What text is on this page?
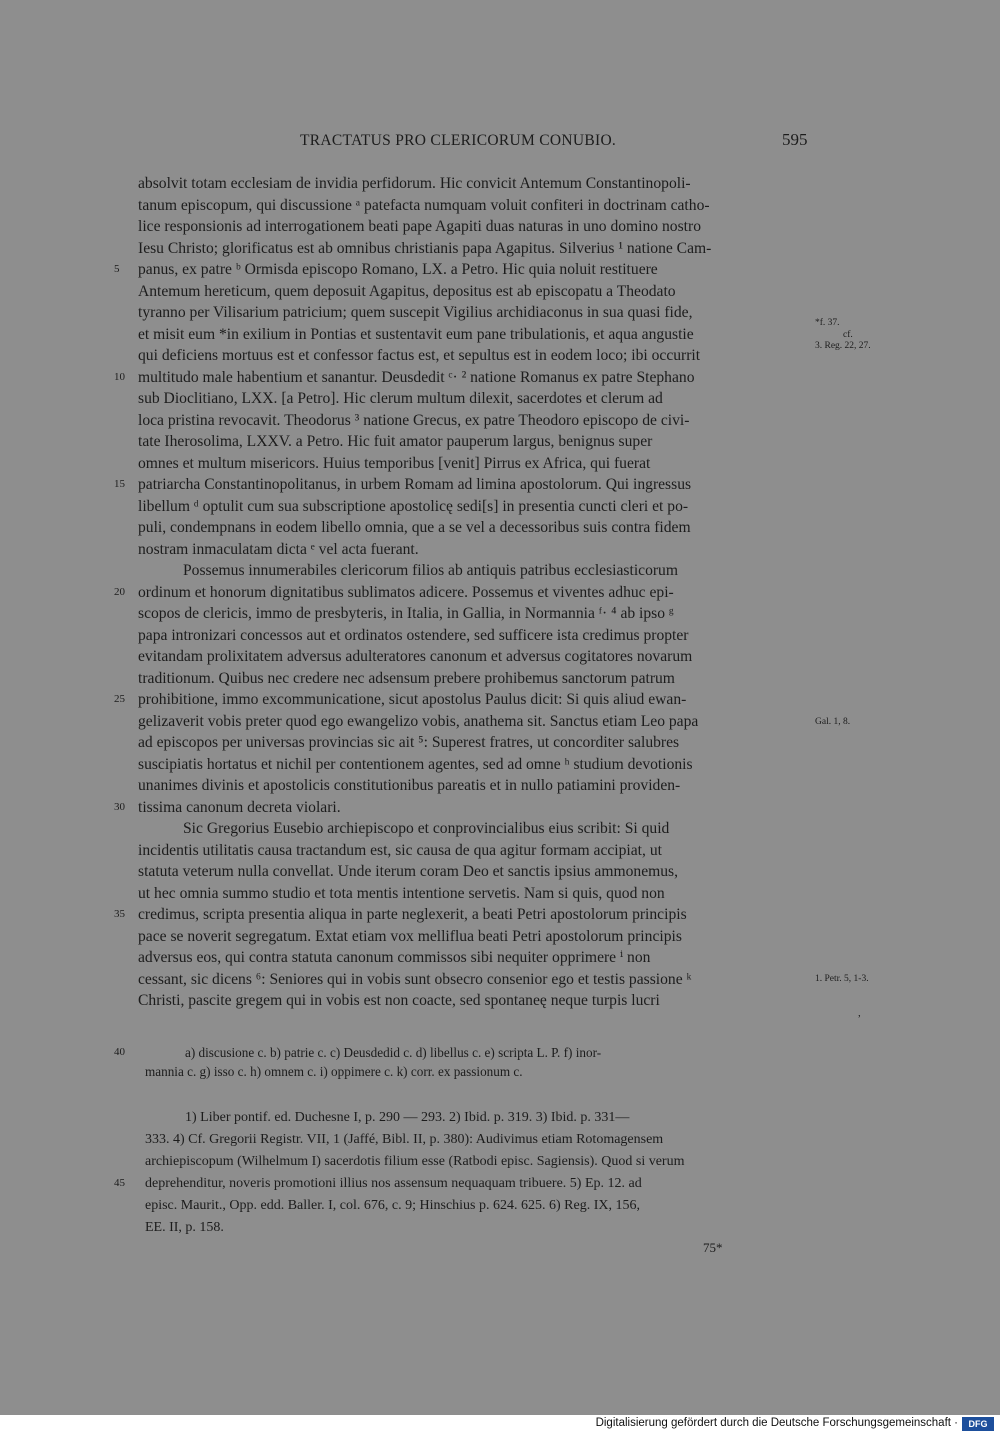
TRACTATUS PRO CLERICORUM CONUBIO.	595
absolvit totam ecclesiam de invidia perfidorum. Hic convicit Antemum Constantinopoli-
tanum episcopum, qui discussione ᵃ patefacta numquam voluit confiteri in doctrinam catho-
lice responsionis ad interrogationem beati pape Agapiti duas naturas in uno domino nostro
Iesu Christo; glorificatus est ab omnibus christianis papa Agapitus. Silverius ¹ natione Cam-
panus, ex patre ᵇ Ormisda episcopo Romano, LX. a Petro. Hic quia noluit restituere
Antemum hereticum, quem deposuit Agapitus, depositus est ab episcopatu a Theodato
tyranno per Vilisarium patricium; quem suscepit Vigilius archidiaconus in sua quasi fide,
et misit eum *in exilium in Pontias et sustentavit eum pane tribulationis, et aqua angustie
qui deficiens mortuus est et confessor factus est, et sepultus est in eodem loco; ibi occurrit
multitudo male habentium et sanantur. Deusdedit ᶜ· ² natione Romanus ex patre Stephano
sub Dioclitiano, LXX. [a Petro]. Hic clerum multum dilexit, sacerdotes et clerum ad
loca pristina revocavit. Theodorus ³ natione Grecus, ex patre Theodoro episcopo de civi-
tate Iherosolima, LXXV. a Petro. Hic fuit amator pauperum largus, benignus super
omnes et multum misericors. Huius temporibus [venit] Pirrus ex Africa, qui fuerat
patriarcha Constantinopolitanus, in urbem Romam ad limina apostolorum. Qui ingressus
libellum ᵈ optulit cum sua subscriptione apostolicę sedi[s] in presentia cuncti cleri et po-
puli, condempnans in eodem libello omnia, que a se vel a decessoribus suis contra fidem
nostram inmaculatam dicta ᵉ vel acta fuerant.
Possemus innumerabiles clericorum filios ab antiquis patribus ecclesiasticorum
ordinum et honorum dignitatibus sublimatos adicere. Possemus et viventes adhuc epi-
scopos de clericis, immo de presbyteris, in Italia, in Gallia, in Normannia ᶠ· ⁴ ab ipso ᵍ
papa intronizari concessos aut et ordinatos ostendere, sed sufficere ista credimus propter
evitandam prolixitatem adversus adulteratores canonum et adversus cogitatores novarum
traditionum. Quibus nec credere nec adsensum prebere prohibemus sanctorum patrum
prohibitione, immo excommunicatione, sicut apostolus Paulus dicit: Si quis aliud ewan-
gelizaverit vobis preter quod ego ewangelizo vobis, anathema sit. Sanctus etiam Leo papa
ad episcopos per universas provincias sic ait ⁵: Superest fratres, ut concorditer salubres
suscipiatis hortatus et nichil per contentionem agentes, sed ad omne ʰ studium devotionis
unanimes divinis et apostolicis constitutionibus pareatis et in nullo patiamini providen-
tissima canonum decreta violari.
Sic Gregorius Eusebio archiepiscopo et conprovincialibus eius scribit: Si quid
incidentis utilitatis causa tractandum est, sic causa de qua agitur formam accipiat, ut
statuta veterum nulla convellat. Unde iterum coram Deo et sanctis ipsius ammonemus,
ut hec omnia summo studio et tota mentis intentione servetis. Nam si quis, quod non
credimus, scripta presentia aliqua in parte neglexerit, a beati Petri apostolorum principis
pace se noverit segregatum. Extat etiam vox melliflua beati Petri apostolorum principis
adversus eos, qui contra statuta canonum commissos sibi nequiter opprimere ⁱ non
cessant, sic dicens ⁶: Seniores qui in vobis sunt obsecro consenior ego et testis passione ᵏ
Christi, pascite gregem qui in vobis est non coacte, sed spontaneę neque turpis lucri
5
10
15
20
25
30
35
*f. 37.
cf.
3. Reg. 22, 27.
Gal. 1, 8.
1. Petr. 5, 1-3.
,
40	a) discusione c. b) patrie c. c) Deusdedid c. d) libellus c. e) scripta L. P. f) inor-
mannia c. g) isso c. h) omnem c. i) oppimere c. k) corr. ex passionum c.
1) Liber pontif. ed. Duchesne I, p. 290 — 293. 2) Ibid. p. 319. 3) Ibid. p. 331—
333. 4) Cf. Gregorii Registr. VII, 1 (Jaffé, Bibl. II, p. 380): Audivimus etiam Rotomagensem
archiepiscopum (Wilhelmum I) sacerdotis filium esse (Ratbodi episc. Sagiensis). Quod si verum
deprehenditur, noveris promotioni illius nos assensum nequaquam tribuere. 5) Ep. 12. ad
episc. Maurit., Opp. edd. Baller. I, col. 676, c. 9; Hinschius p. 624. 625. 6) Reg. IX, 156,
EE. II, p. 158.
45
75*
Digitalisierung gefördert durch die Deutsche Forschungsgemeinschaft ·	DFG
